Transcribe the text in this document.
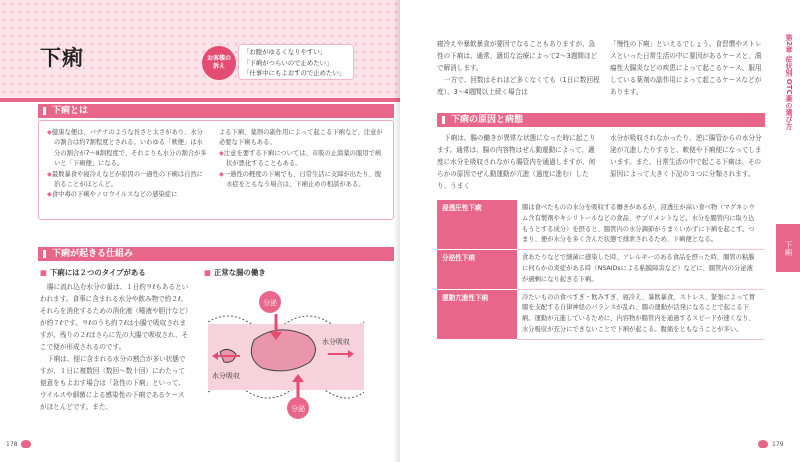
下痢	お客様の
訴え
「お腹がゆるくなりやすい」
「下痢がつらいので止めたい」
「仕事中にもよおすので止めたい」
下痢とは

◆健康な便は、バナナのような長さと太さがあり、水分の割合は約7割程度とされる。いわゆる「軟便」は水分の割合が7～8割程度で、それよりも水分の割合が多いと「下痢便」になる。

◆最数暴食や寝冷えなどが原因の一過性の下痢は自然に治ることがほとんど。

◆食中毒の下痢やノロウイルスなどの感染症に

よる下痢、薬剤の副作用によって起こる下痢など、注意が必要な下痢もある。

◆注意を要する下痢については、市販の止瀉薬の服用で病状が悪化することもある。

◆一過性の軽度の下痢でも、日常生活に支障が出たり、脱水症をともなう場合は、下痢止めの相談がある。

下痢が起きる仕組み
■ 下痢には２つのタイプがある

腸に流れ込む水分の量は、１日約９ℓもあるといわれます。食事に含まれる水分や飲み物で約２ℓ、それらを消化するための消化液（唾液や胆汁など）が約７ℓです。９ℓのうち約７ℓは小腸で吸収されますが、残りの２ℓはさらに先の大腸で吸収され、そこで便が形成されるのです。

下痢は、便に含まれる水分の割合が多い状態ですが、１日に複数回（数回～数十回）にわたって便意をもよおす場合は「急性の下痢」といって、ウイルスや細菌による感染性の下痢であるケースがほとんどです。また、

■ 正常な腸の働き
分泌
分泌
水分吸収
水分吸収
178

寝冷えや暴飲暴食が要因でなることもありますが、急性の下痢は、通常、適切な治療によって2～3週間ほどで解消します。

一方で、回数はそれほど多くなくても（1日に数回程度）、3～4週間以上続く場合は

「慢性の下痢」といえるでしょう。食習慣やストレスといった日常生活の中に要因があるケースと、潰瘍性大腸炎などの疾患によって起こるケース、服用している薬剤の副作用によって起こるケースなどがあります。

下痢の原因と病態

下痢は、腸の働きが異常な状態になった時に起こります。通常は、腸の内容物はぜん動運動によって、適度に水分を吸収されながら腸管内を通過しますが、何らかの原因でぜん動運動が亢進（過度に進む）したり、うまく

水分が吸収されなかったり、逆に腸管からの水分分泌が亢進したりすると、軟便や下痢便になってしまいます。また、日常生活の中で起こる下痢は、その原因によって大きく下記の３つに分類されます。

浸透圧性下痢	腸は食べたものの水分を吸収する働きがあるが、浸透圧が高い食べ物（マグネシウム含有製剤やキシリトールなどの食品、サプリメントなど。水分を腸管内に取り込もうとする成分）を摂ると、腸管内の水分調節がうまくいかずに下痢を起こす。つまり、便が水分を多く含んだ状態で排泄されるため、下痢便となる。
分泌性下痢	食あたりなどで細菌に感染した時、アレルギーのある食品を摂った時、腸管の粘膜に何らかの炎症がある時（NSAIDsによる粘膜障害など）などに、腸管内の分泌液が過剰になり起きる下痢。
運動亢進性下痢	冷たいものの食べすぎ・飲みすぎ、寝冷え、暴飲暴食、ストレス、緊張によって胃腸を支配する自律神経のバランスが乱れ、腸の運動が活発になることで起こる下痢。運動が亢進しているために、内容物が腸管内を通過するスピードが速くなり、水分吸収が充分にできないことで下痢が起こる。腹痛をともなうことが多い。
第2章 症状別 OTC薬の選び方
下痢
179
